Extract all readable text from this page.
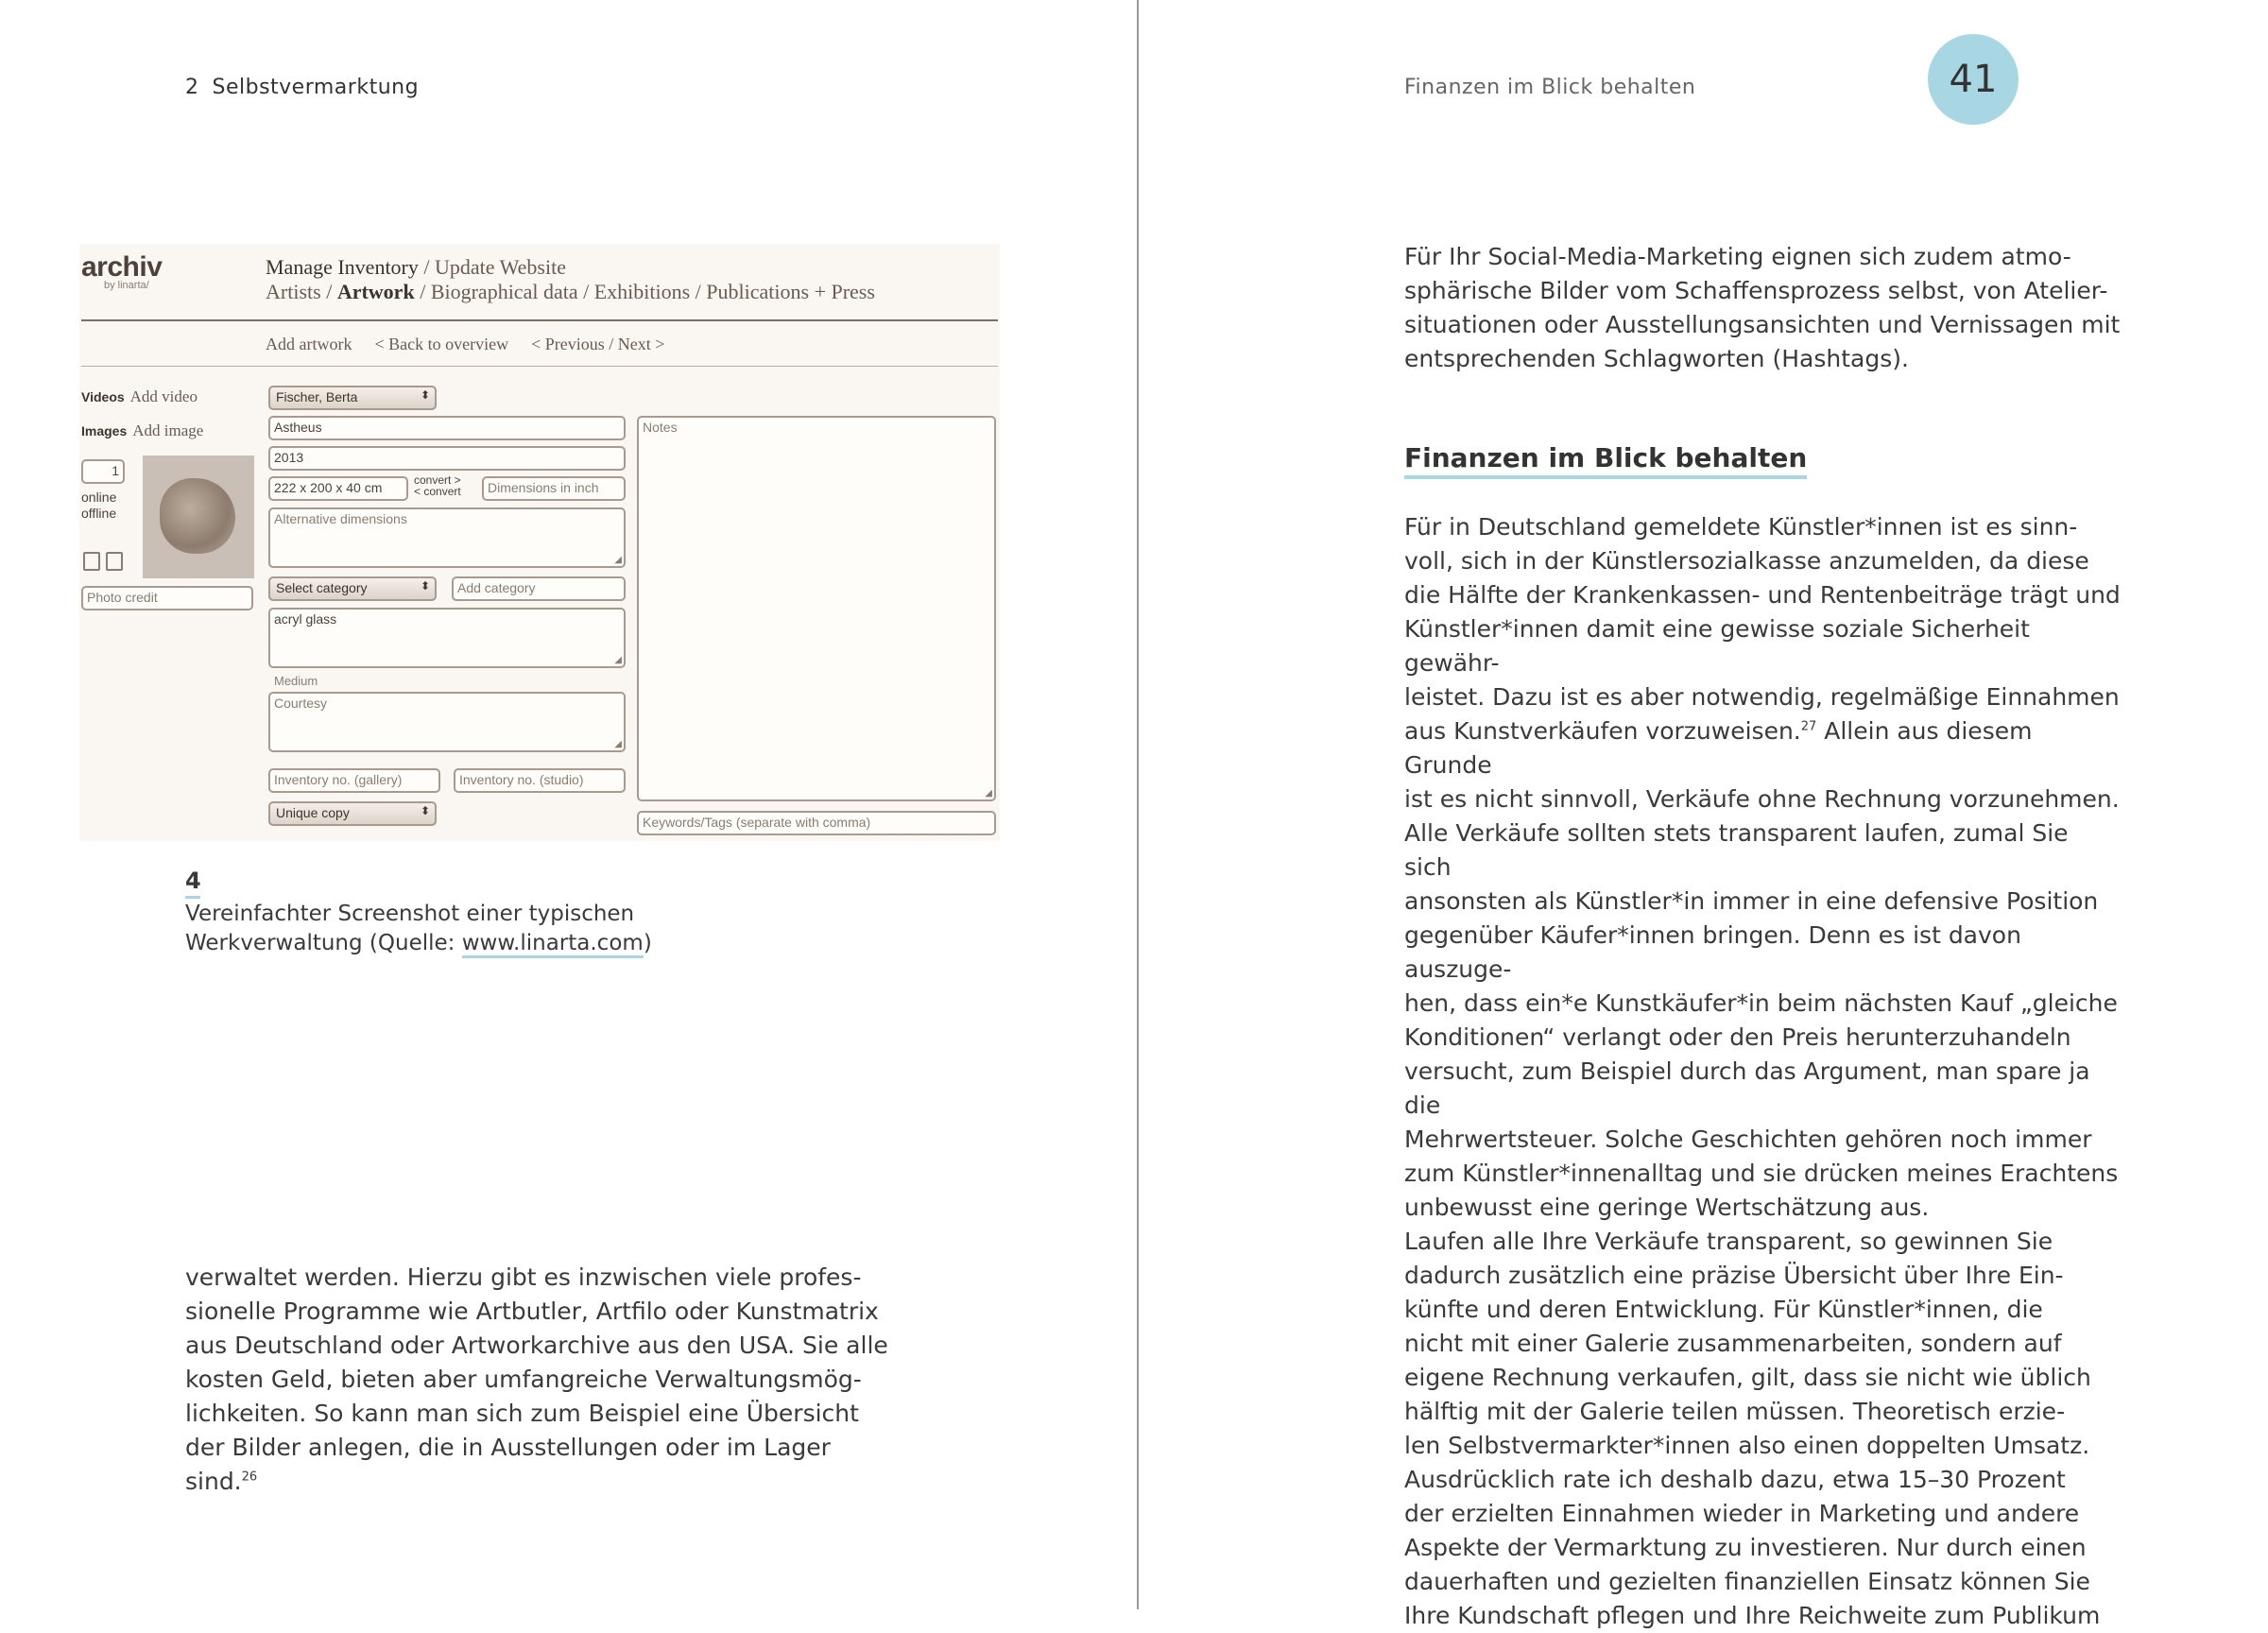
2 Selbstvermarktung
archiv
by linarta/
Manage Inventory / Update Website
Artists / Artwork / Biographical data / Exhibitions / Publications + Press
Add artwork < Back to overview < Previous / Next >
Videos Add video
Images Add image
1
online
offline
Photo credit
Fischer, Berta	⬍
Astheus
2013
222 x 200 x 40 cm	convert >
< convert	Dimensions in inch
Alternative dimensions
◢
Select category	⬍	Add category
acryl glass
◢
Medium
Courtesy
◢
Inventory no. (gallery)	Inventory no. (studio)
Unique copy	⬍
Notes
◢
Keywords/Tags (separate with comma)
4
Vereinfachter Screenshot einer typischen
Werkverwaltung (Quelle: www.linarta.com)
verwaltet werden. Hierzu gibt es inzwischen viele profes-
sionelle Programme wie Artbutler, Artfilo oder Kunstmatrix
aus Deutschland oder Artworkarchive aus den USA. Sie alle
kosten Geld, bieten aber umfangreiche Verwaltungsmög-
lichkeiten. So kann man sich zum Beispiel eine Übersicht
der Bilder anlegen, die in Ausstellungen oder im Lager sind.$^{26}$
Finanzen im Blick behalten
Für Ihr Social-Media-Marketing eignen sich zudem atmo-
sphärische Bilder vom Schaffensprozess selbst, von Atelier-
situationen oder Ausstellungsansichten und Vernissagen mit
entsprechenden Schlagworten (Hashtags).
Finanzen im Blick behalten
Für in Deutschland gemeldete Künstler*innen ist es sinn-
voll, sich in der Künstlersozialkasse anzumelden, da diese
die Hälfte der Krankenkassen- und Rentenbeiträge trägt und
Künstler*innen damit eine gewisse soziale Sicherheit gewähr-
leistet. Dazu ist es aber notwendig, regelmäßige Einnahmen
aus Kunstverkäufen vorzuweisen.$^{27}$ Allein aus diesem Grunde
ist es nicht sinnvoll, Verkäufe ohne Rechnung vorzunehmen.
Alle Verkäufe sollten stets transparent laufen, zumal Sie sich
ansonsten als Künstler*in immer in eine defensive Position
gegenüber Käufer*innen bringen. Denn es ist davon auszuge-
hen, dass ein*e Kunstkäufer*in beim nächsten Kauf „gleiche
Konditionen“ verlangt oder den Preis herunterzuhandeln
versucht, zum Beispiel durch das Argument, man spare ja die
Mehrwertsteuer. Solche Geschichten gehören noch immer
zum Künstler*innenalltag und sie drücken meines Erachtens
unbewusst eine geringe Wertschätzung aus.
Laufen alle Ihre Verkäufe transparent, so gewinnen Sie
dadurch zusätzlich eine präzise Übersicht über Ihre Ein-
künfte und deren Entwicklung. Für Künstler*innen, die
nicht mit einer Galerie zusammenarbeiten, sondern auf
eigene Rechnung verkaufen, gilt, dass sie nicht wie üblich
hälftig mit der Galerie teilen müssen. Theoretisch erzie-
len Selbstvermarkter*innen also einen doppelten Umsatz.
Ausdrücklich rate ich deshalb dazu, etwa 15–30 Prozent
der erzielten Einnahmen wieder in Marketing und andere
Aspekte der Vermarktung zu investieren. Nur durch einen
dauerhaften und gezielten finanziellen Einsatz können Sie
Ihre Kundschaft pflegen und Ihre Reichweite zum Publikum
41
